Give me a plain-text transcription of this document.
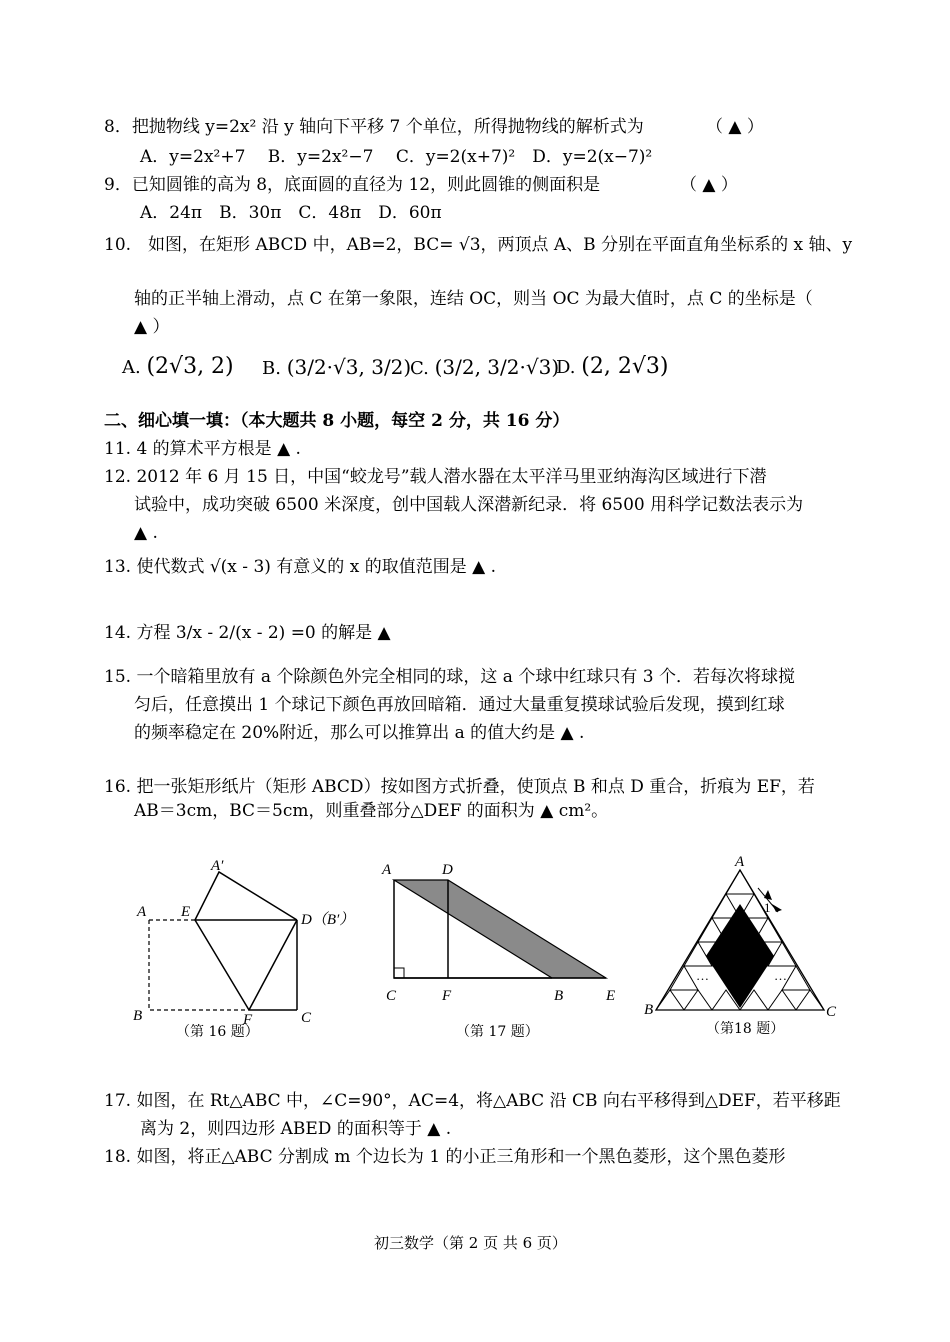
8．把抛物线 y=2x² 沿 y 轴向下平移 7 个单位，所得抛物线的解析式为	（ ▲ ）
A．y=2x²+7　 B．y=2x²−7　 C．y=2(x+7)²　D．y=2(x−7)²
9．已知圆锥的高为 8，底面圆的直径为 12，则此圆锥的侧面积是	（ ▲ ）
A．24π　B．30π　C．48π　D．60π
10.　如图，在矩形 ABCD 中，AB=2，BC= √3，两顶点 A、B 分别在平面直角坐标系的 x 轴、y
轴的正半轴上滑动，点 C 在第一象限，连结 OC，则当 OC 为最大值时，点 C 的坐标是（
▲ ）
A. (2√3, 2) B. (3/2·√3, 3/2)
C. (3/2, 3/2·√3)
D. (2, 2√3)
二、细心填一填：（本大题共 8 小题，每空 2 分，共 16 分）
11. 4 的算术平方根是 ▲ .
12. 2012 年 6 月 15 日，中国“蛟龙号”载人潜水器在太平洋马里亚纳海沟区域进行下潜
试验中，成功突破 6500 米深度，创中国载人深潜新纪录．将 6500 用科学记数法表示为
▲ .
13. 使代数式 √(x - 3) 有意义的 x 的取值范围是 ▲ .
14. 方程 3/x - 2/(x - 2) =0 的解是 ▲
15. 一个暗箱里放有 a 个除颜色外完全相同的球，这 a 个球中红球只有 3 个．若每次将球搅
匀后，任意摸出 1 个球记下颜色再放回暗箱．通过大量重复摸球试验后发现，摸到红球
的频率稳定在 20%附近，那么可以推算出 a 的值大约是 ▲ .
16. 把一张矩形纸片（矩形 ABCD）按如图方式折叠，使顶点 B 和点 D 重合，折痕为 EF，若
AB＝3cm，BC＝5cm，则重叠部分△DEF 的面积为 ▲ cm²。
A′
A E	D（B′）
B	F	C
（第 16 题）
A	D
C	F	B	E
（第 17 题）
1
A
B	C
…	…
（第18 题）
17. 如图，在 Rt△ABC 中，∠C=90°，AC=4，将△ABC 沿 CB 向右平移得到△DEF，若平移距
离为 2，则四边形 ABED 的面积等于 ▲ .
18. 如图，将正△ABC 分割成 m 个边长为 1 的小正三角形和一个黑色菱形，这个黑色菱形
初三数学（第 2 页 共 6 页）
